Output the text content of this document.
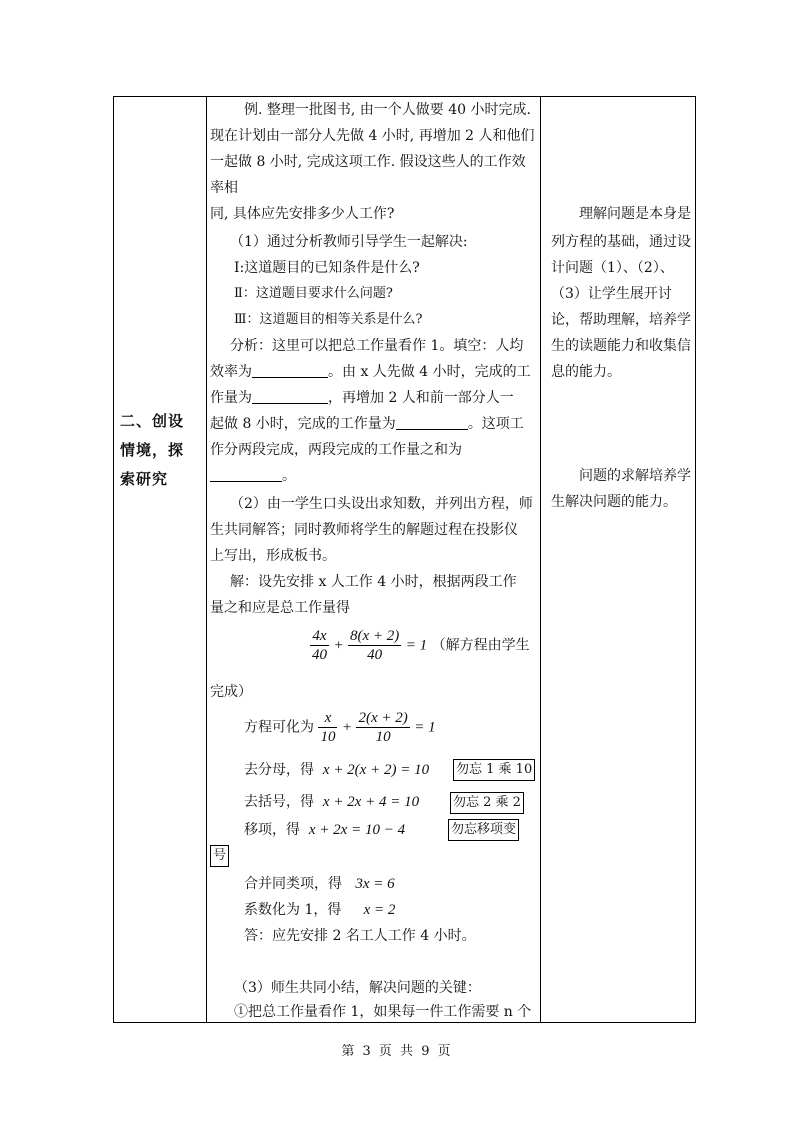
二、创设
情境，探
索研究
例. 整理一批图书, 由一个人做要 40 小时完成.
现在计划由一部分人先做 4 小时, 再增加 2 人和他们
一起做 8 小时, 完成这项工作. 假设这些人的工作效
率相
同, 具体应先安排多少人工作?
（1）通过分析教师引导学生一起解决:
Ⅰ:这道题目的已知条件是什么?
Ⅱ：这道题目要求什么问题?
Ⅲ：这道题目的相等关系是什么?
分析：这里可以把总工作量看作 1。填空：人均
效率为	。由 x 人先做 4 小时，完成的工
作量为	，再增加 2 人和前一部分人一
起做 8 小时，完成的工作量为	。这项工
作分两段完成，两段完成的工作量之和为
。
（2）由一学生口头设出求知数，并列出方程，师
生共同解答；同时教师将学生的解题过程在投影仪
上写出，形成板书。
解：设先安排 x 人工作 4 小时，根据两段工作
量之和应是总工作量得
$\frac{4x}{40} + \frac{8(x + 2)}{40} = 1$ （解方程由学生
完成）
方程可化为 $\frac{x}{10} + \frac{2(x + 2)}{10} = 1$
去分母，得 x + 2(x + 2) = 10 勿忘 1 乘 10
去括号，得 x + 2x + 4 = 10	勿忘 2 乘 2
移项，得 x + 2x = 10 − 4	勿忘移项变
号
合并同类项，得 3x = 6
系数化为 1，得 x = 2
答：应先安排 2 名工人工作 4 小时。
（3）师生共同小结，解决问题的关键：
①把总工作量看作 1，如果每一件工作需要 n 个
理解问题是本身是
列方程的基础，通过设
计问题（1）、（2）、
（3）让学生展开讨
论，帮助理解，培养学
生的读题能力和收集信
息的能力。
问题的求解培养学
生解决问题的能力。
第 3 页 共 9 页
